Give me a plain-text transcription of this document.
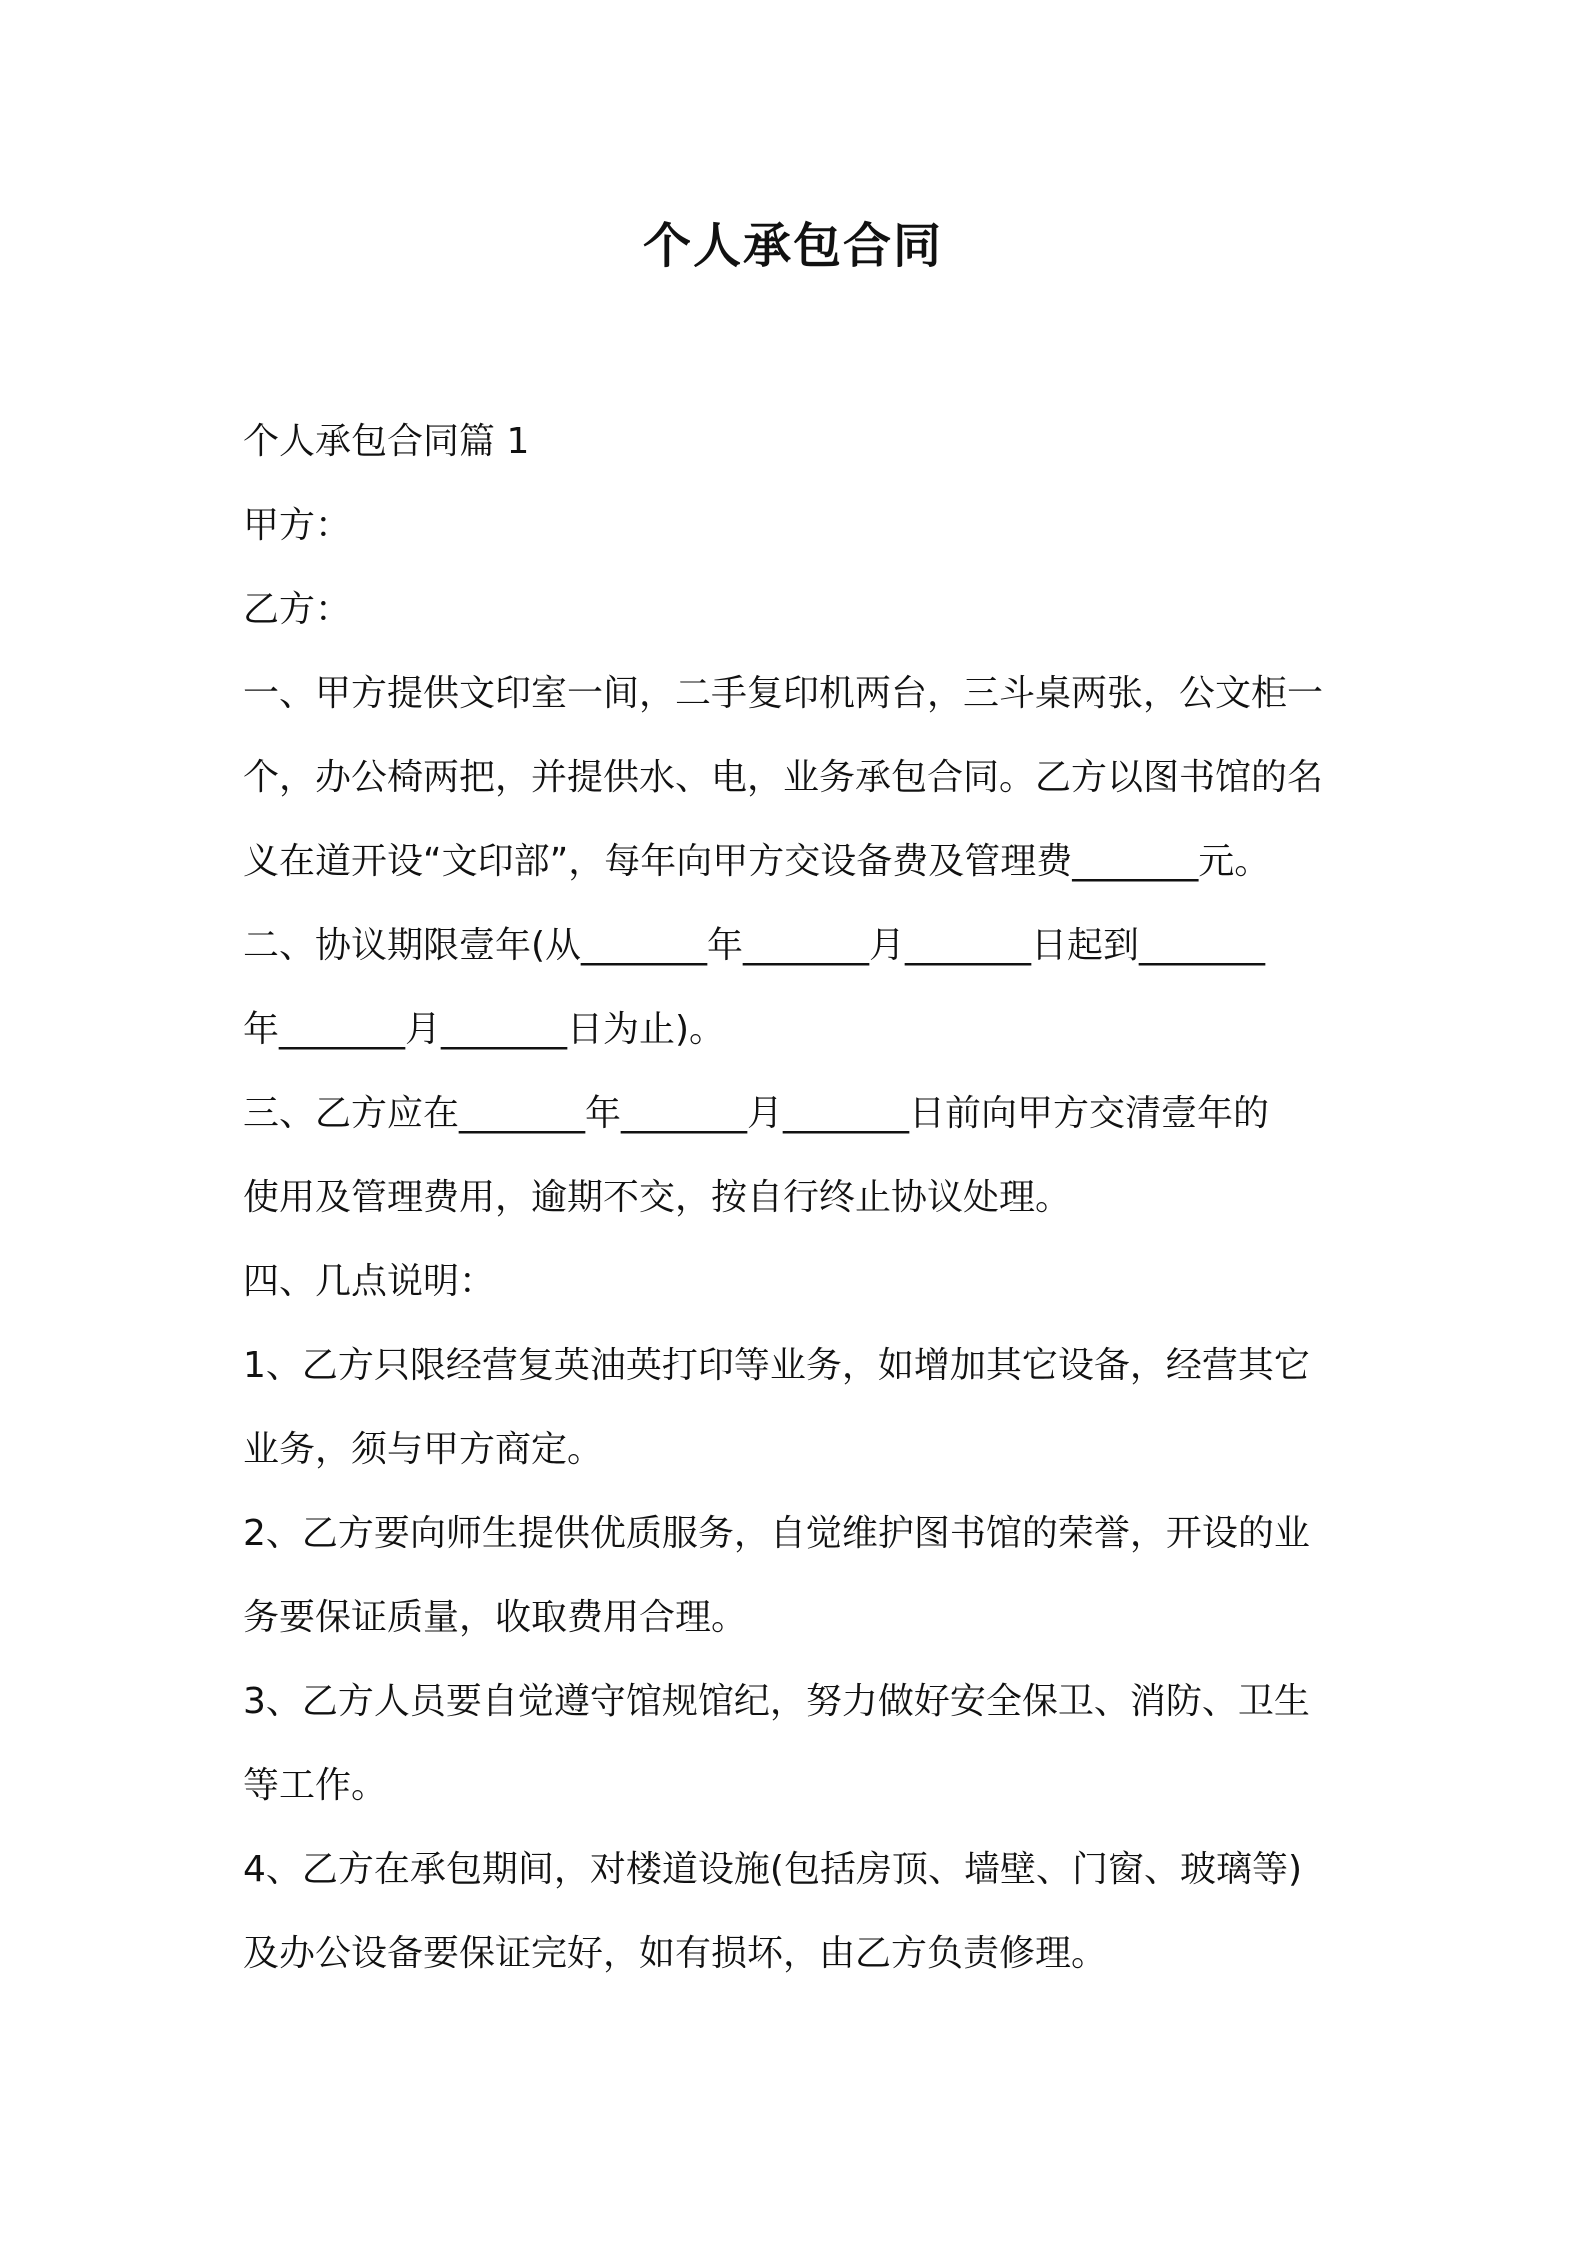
个人承包合同
个人承包合同篇 1
甲方：
乙方：
一、甲方提供文印室一间，二手复印机两台，三斗桌两张，公文柜一
个，办公椅两把，并提供水、电，业务承包合同。乙方以图书馆的名
义在道开设“文印部”，每年向甲方交设备费及管理费_______元。
二、协议期限壹年(从_______年_______月_______日起到_______
年_______月_______日为止)。
三、乙方应在_______年_______月_______日前向甲方交清壹年的
使用及管理费用，逾期不交，按自行终止协议处理。
四、几点说明：
1、乙方只限经营复英油英打印等业务，如增加其它设备，经营其它
业务，须与甲方商定。
2、乙方要向师生提供优质服务，自觉维护图书馆的荣誉，开设的业
务要保证质量，收取费用合理。
3、乙方人员要自觉遵守馆规馆纪，努力做好安全保卫、消防、卫生
等工作。
4、乙方在承包期间，对楼道设施(包括房顶、墙壁、门窗、玻璃等)
及办公设备要保证完好，如有损坏，由乙方负责修理。
